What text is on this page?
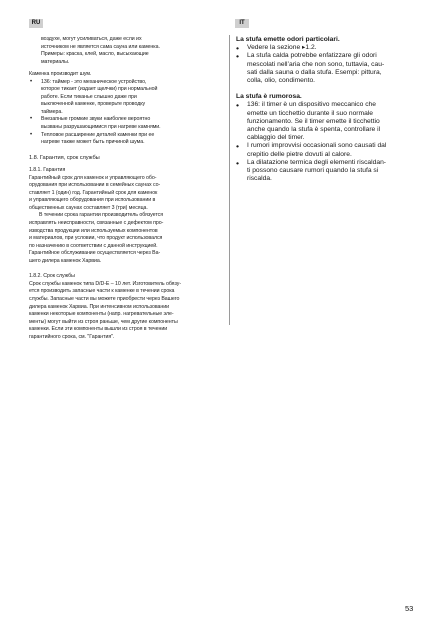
RU	IT
воздухе, могут усиливаться, даже если их
источником не является сама сауна или каменка.
Примеры: краска, клей, масло, высыхающие
материалы.

Каменка производит шум.

• 136: таймер - это механическое устройство,
которое тикает (издает щелчки) при нормальной
работе. Если тиканье слышно даже при
выключенной каменке, проверьте проводку
таймера.
• Внезапные громкие звуки наиболее вероятно
вызваны разрушающимися при нагреве камнями.
• Тепловое расширение деталей каменки при ее
нагреве также может быть причиной шума.

1.8. Гарантия, срок службы

1.8.1. Гарантия

Гарантийный срок для каменок и управляющего обо-
орудования при использовании в семейных саунах со-
ставляет 1 (один) год. Гарантийный срок для каменок
и управляющего оборудования при использовании в
общественных саунах составляет 3 (три) месяца.
В течении срока гарантии производитель обязуется
исправлять неисправности, связанные с дефектом про-
изводства продукции или используемых компонентов
и материалов, при условии, что продукт использовался
по назначению в соответствии с данной инструкцией.
Гарантийное обслуживание осуществляется через Ва-
шего дилера каменок Харвиа.

1.8.2. Срок службы

Срок службы каменок типа D/D-E – 10 лет. Изготовитель обязу-
ется производить запасные части к каменке в течении срока
службы. Запасные части вы можете приобрести через Вашего
дилера каменок Харвиа. При интенсивном использовании
каменки некоторые компоненты (напр. нагревательные эле-
менты) могут выйти из строя раньше, чем другие компоненты
каменки. Если эти компоненты вышли из строя в течении
гарантийного срока, см. "Гарантия".

La stufa emette odori particolari.

• Vedere la sezione ▸1.2.
• La stufa calda potrebbe enfatizzare gli odori
mescolati nell’aria che non sono, tuttavia, cau-
sati dalla sauna o dalla stufa. Esempi: pittura,
colla, olio, condimento.

La stufa è rumorosa.

• 136: il timer è un dispositivo meccanico che
emette un ticchettio durante il suo normale
funzionamento. Se il timer emette il ticchettio
anche quando la stufa è spenta, controllare il
cablaggio del timer.
• I rumori improvvisi occasionali sono causati dal
crepitio delle pietre dovuti al calore.
• La dilatazione termica degli elementi riscaldan-
ti possono causare rumori quando la stufa si
riscalda.
53
